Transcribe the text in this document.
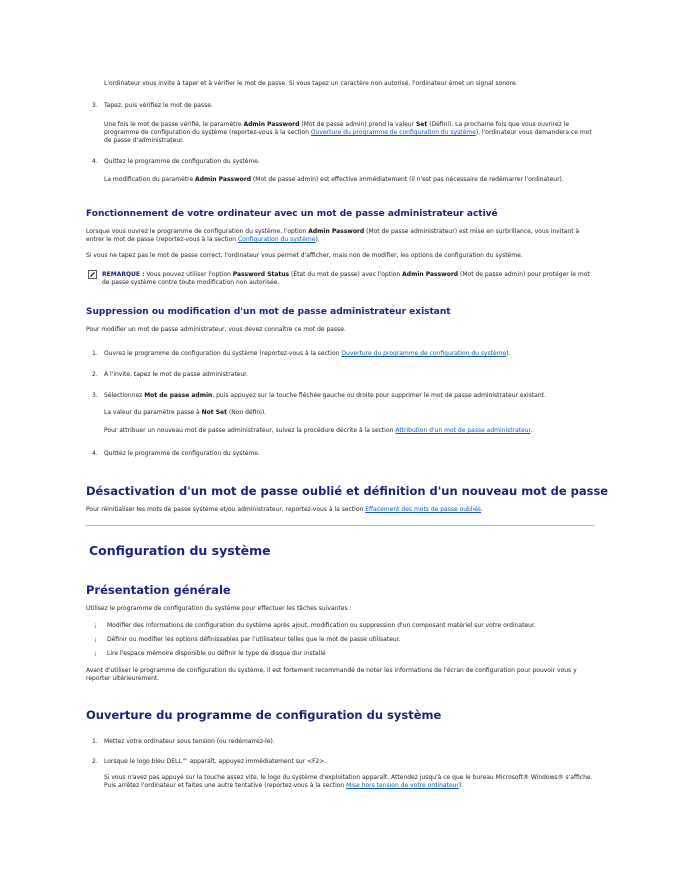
L'ordinateur vous invite à taper et à vérifier le mot de passe. Si vous tapez un caractère non autorisé, l'ordinateur émet un signal sonore.

3. Tapez, puis vérifiez le mot de passe.

Une fois le mot de passe vérifié, le paramètre Admin Password (Mot de passe admin) prend la valeur Set (Défini). La prochaine fois que vous ouvrirez le programme de configuration du système (reportez-vous à la section Ouverture du programme de configuration du système), l'ordinateur vous demandera ce mot de passe d'administrateur.

4. Quittez le programme de configuration du système.

La modification du paramètre Admin Password (Mot de passe admin) est effective immédiatement (il n'est pas nécessaire de redémarrer l'ordinateur).

Fonctionnement de votre ordinateur avec un mot de passe administrateur activé

Lorsque vous ouvrez le programme de configuration du système, l'option Admin Password (Mot de passe administrateur) est mise en surbrillance, vous invitant à entrer le mot de passe (reportez-vous à la section Configuration du système).

Si vous ne tapez pas le mot de passe correct, l'ordinateur vous permet d'afficher, mais non de modifier, les options de configuration du système.

REMARQUE : Vous pouvez utiliser l'option Password Status (État du mot de passe) avec l'option Admin Password (Mot de passe admin) pour protéger le mot de passe système contre toute modification non autorisée.

Suppression ou modification d'un mot de passe administrateur existant

Pour modifier un mot de passe administrateur, vous devez connaître ce mot de passe.

1. Ouvrez le programme de configuration du système (reportez-vous à la section Ouverture du programme de configuration du système).

2. À l'invite, tapez le mot de passe administrateur.

3. Sélectionnez Mot de passe admin, puis appuyez sur la touche fléchée gauche ou droite pour supprimer le mot de passe administrateur existant.

La valeur du paramètre passe à Not Set (Non défini).

Pour attribuer un nouveau mot de passe administrateur, suivez la procédure décrite à la section Attribution d'un mot de passe administrateur.

4. Quittez le programme de configuration du système.

Désactivation d'un mot de passe oublié et définition d'un nouveau mot de passe

Pour réinitialiser les mots de passe système et/ou administrateur, reportez-vous à la section Effacement des mots de passe oubliés.

Configuration du système
Présentation générale

Utilisez le programme de configuration du système pour effectuer les tâches suivantes :

¡ Modifier des informations de configuration du système après ajout, modification ou suppression d'un composant matériel sur votre ordinateur.

¡ Définir ou modifier les options définissables par l'utilisateur telles que le mot de passe utilisateur.

¡ Lire l'espace mémoire disponible ou définir le type de disque dur installé

Avant d'utiliser le programme de configuration du système, il est fortement recommandé de noter les informations de l'écran de configuration pour pouvoir vous y reporter ultérieurement.

Ouverture du programme de configuration du système
1. Mettez votre ordinateur sous tension (ou redémarrez-le).

2. Lorsque le logo bleu DELL™ apparaît, appuyez immédiatement sur <F2>.

Si vous n'avez pas appuyé sur la touche assez vite, le logo du système d'exploitation apparaît. Attendez jusqu'à ce que le bureau Microsoft® Windows® s'affiche. Puis arrêtez l'ordinateur et faites une autre tentative (reportez-vous à la section Mise hors tension de votre ordinateur).
